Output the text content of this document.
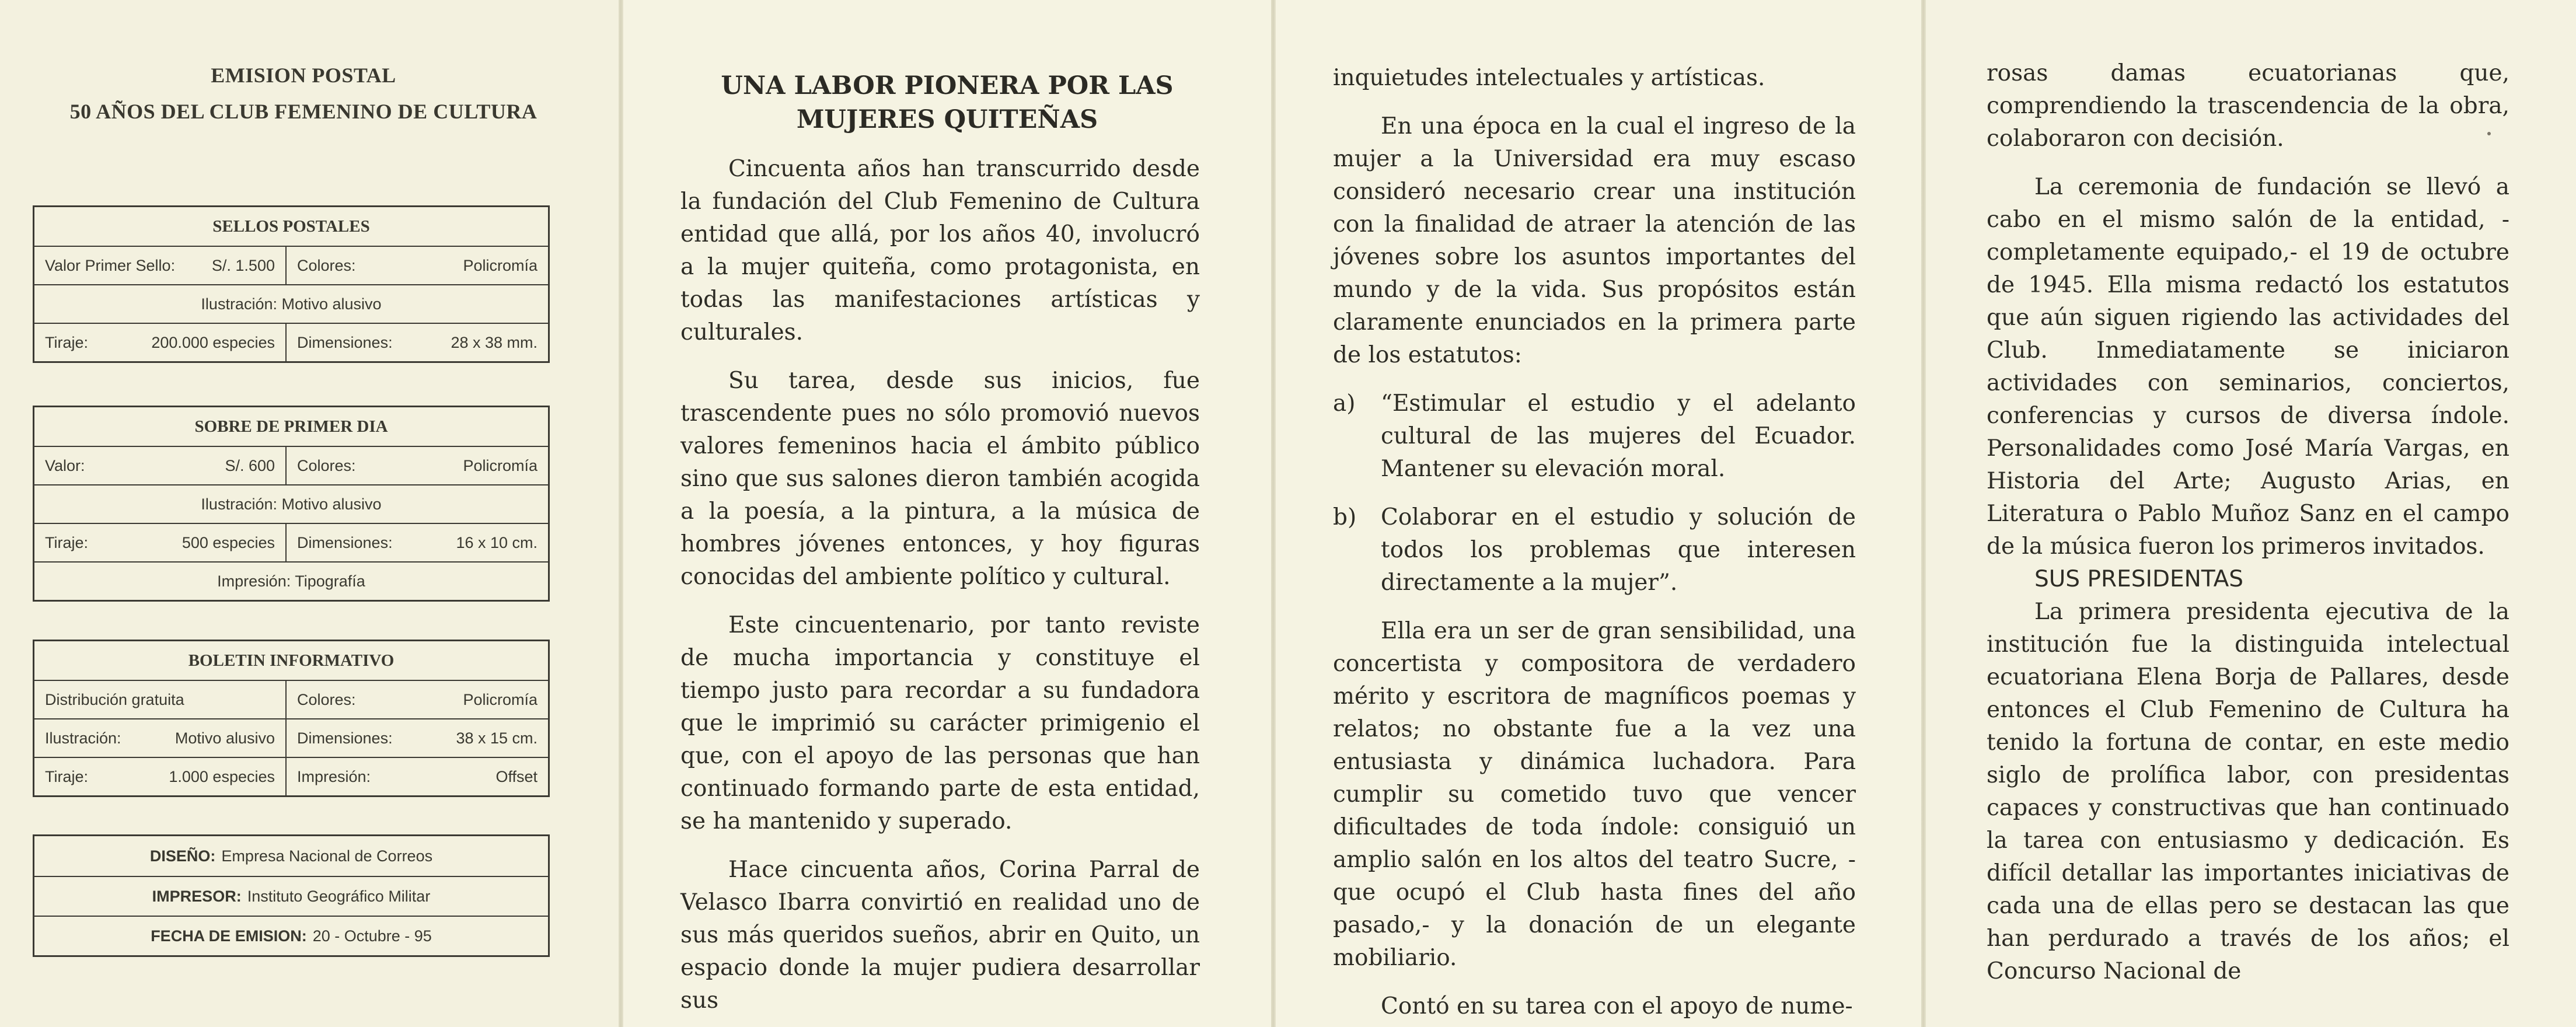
EMISION POSTAL
50 AÑOS DEL CLUB FEMENINO DE CULTURA
SELLOS POSTALES
Valor Primer Sello: S/. 1.500 Colores:	Policromía
Ilustración: Motivo alusivo
Tiraje:	200.000 especies Dimensiones:	28 x 38 mm.
SOBRE DE PRIMER DIA
Valor:	S/. 600 Colores:	Policromía
Ilustración: Motivo alusivo
Tiraje:	500 especies Dimensiones:	16 x 10 cm.
Impresión: Tipografía
BOLETIN INFORMATIVO
Distribución gratuita	Colores:	Policromía
Ilustración:	Motivo alusivo Dimensiones:	38 x 15 cm.
Tiraje:	1.000 especies Impresión:	Offset
DISEÑO: Empresa Nacional de Correos
IMPRESOR: Instituto Geográfico Militar
FECHA DE EMISION: 20 - Octubre - 95
UNA LABOR PIONERA POR LAS
MUJERES QUITEÑAS

Cincuenta años han transcurrido desde la fundación del Club Femenino de Cultura entidad que allá, por los años 40, involucró a la mujer quiteña, como protagonista, en todas las manifestaciones artísticas y culturales.

Su tarea, desde sus inicios, fue trascendente pues no sólo promovió nuevos valores femeninos hacia el ámbito público sino que sus salones dieron también acogida a la poesía, a la pintura, a la música de hombres jóvenes entonces, y hoy figuras conocidas del ambiente político y cultural.

Este cincuentenario, por tanto reviste de mucha importancia y constituye el tiempo justo para recordar a su fundadora que le imprimió su carácter primigenio el que, con el apoyo de las personas que han continuado formando parte de esta entidad, se ha mantenido y superado.

Hace cincuenta años, Corina Parral de Velasco Ibarra convirtió en realidad uno de sus más queridos sueños, abrir en Quito, un espacio donde la mujer pudiera desarrollar sus

inquietudes intelectuales y artísticas.

En una época en la cual el ingreso de la mujer a la Universidad era muy escaso consideró necesario crear una institución con la finalidad de atraer la atención de las jóvenes sobre los asuntos importantes del mundo y de la vida. Sus propósitos están claramente enunciados en la primera parte de los estatutos:

a)	“Estimular el estudio y el adelanto cultural de las mujeres del Ecuador. Mantener su elevación moral.
b)	Colaborar en el estudio y solución de todos los problemas que interesen directamente a la mujer”.

Ella era un ser de gran sensibilidad, una concertista y compositora de verdadero mérito y escritora de magníficos poemas y relatos; no obstante fue a la vez una entusiasta y dinámica luchadora. Para cumplir su cometido tuvo que vencer dificultades de toda índole: consiguió un amplio salón en los altos del teatro Sucre, -que ocupó el Club hasta fines del año pasado,- y la donación de un elegante mobiliario.

Contó en su tarea con el apoyo de nume-

rosas damas ecuatorianas que, comprendiendo la trascendencia de la obra, colaboraron con decisión.

La ceremonia de fundación se llevó a cabo en el mismo salón de la entidad, -completamente equipado,- el 19 de octubre de 1945. Ella misma redactó los estatutos que aún siguen rigiendo las actividades del Club. Inmediatamente se iniciaron actividades con seminarios, conciertos, conferencias y cursos de diversa índole. Personalidades como José María Vargas, en Historia del Arte; Augusto Arias, en Literatura o Pablo Muñoz Sanz en el campo de la música fueron los primeros invitados.

SUS PRESIDENTAS

La primera presidenta ejecutiva de la institución fue la distinguida intelectual ecuatoriana Elena Borja de Pallares, desde entonces el Club Femenino de Cultura ha tenido la fortuna de contar, en este medio siglo de prolífica labor, con presidentas capaces y constructivas que han continuado la tarea con entusiasmo y dedicación. Es difícil detallar las importantes iniciativas de cada una de ellas pero se destacan las que han perdurado a través de los años; el Concurso Nacional de
